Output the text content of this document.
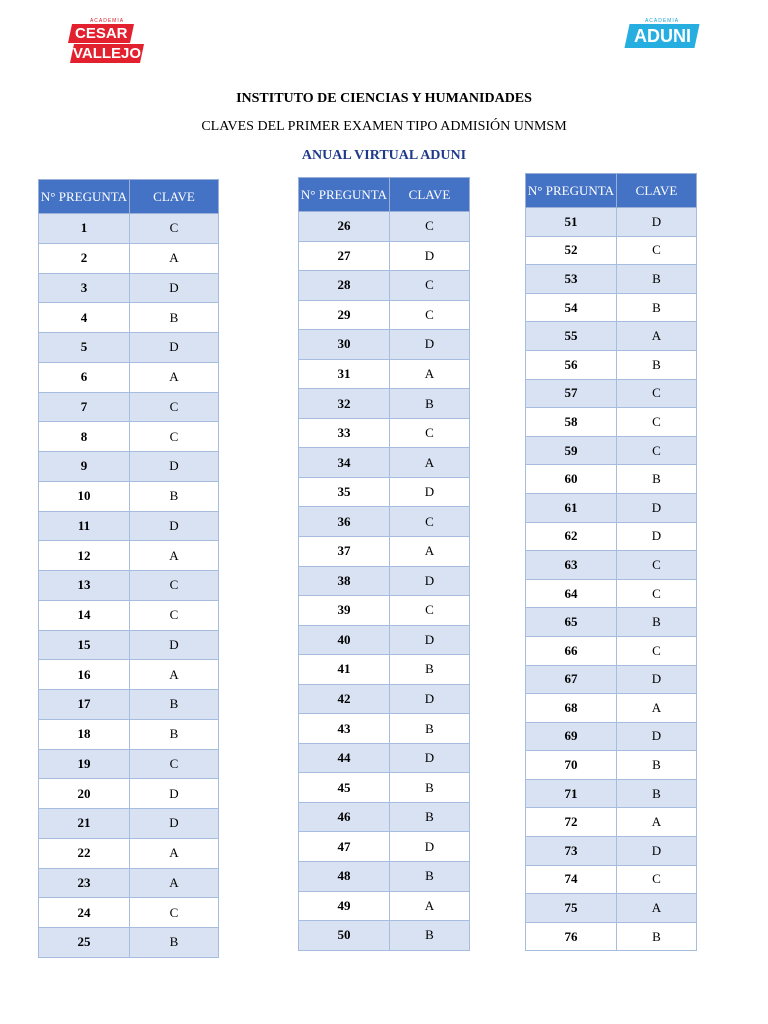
ACADEMIA
CESAR
VALLEJO
ACADEMIA
ADUNI
INSTITUTO DE CIENCIAS Y HUMANIDADES
CLAVES DEL PRIMER EXAMEN TIPO ADMISIÓN UNMSM
ANUAL VIRTUAL ADUNI
N° PREGUNTA	CLAVE
1	C
2	A
3	D
4	B
5	D
6	A
7	C
8	C
9	D
10	B
11	D
12	A
13	C
14	C
15	D
16	A
17	B
18	B
19	C
20	D
21	D
22	A
23	A
24	C
25	B
N° PREGUNTA	CLAVE
26	C
27	D
28	C
29	C
30	D
31	A
32	B
33	C
34	A
35	D
36	C
37	A
38	D
39	C
40	D
41	B
42	D
43	B
44	D
45	B
46	B
47	D
48	B
49	A
50	B
N° PREGUNTA	CLAVE
51	D
52	C
53	B
54	B
55	A
56	B
57	C
58	C
59	C
60	B
61	D
62	D
63	C
64	C
65	B
66	C
67	D
68	A
69	D
70	B
71	B
72	A
73	D
74	C
75	A
76	B
